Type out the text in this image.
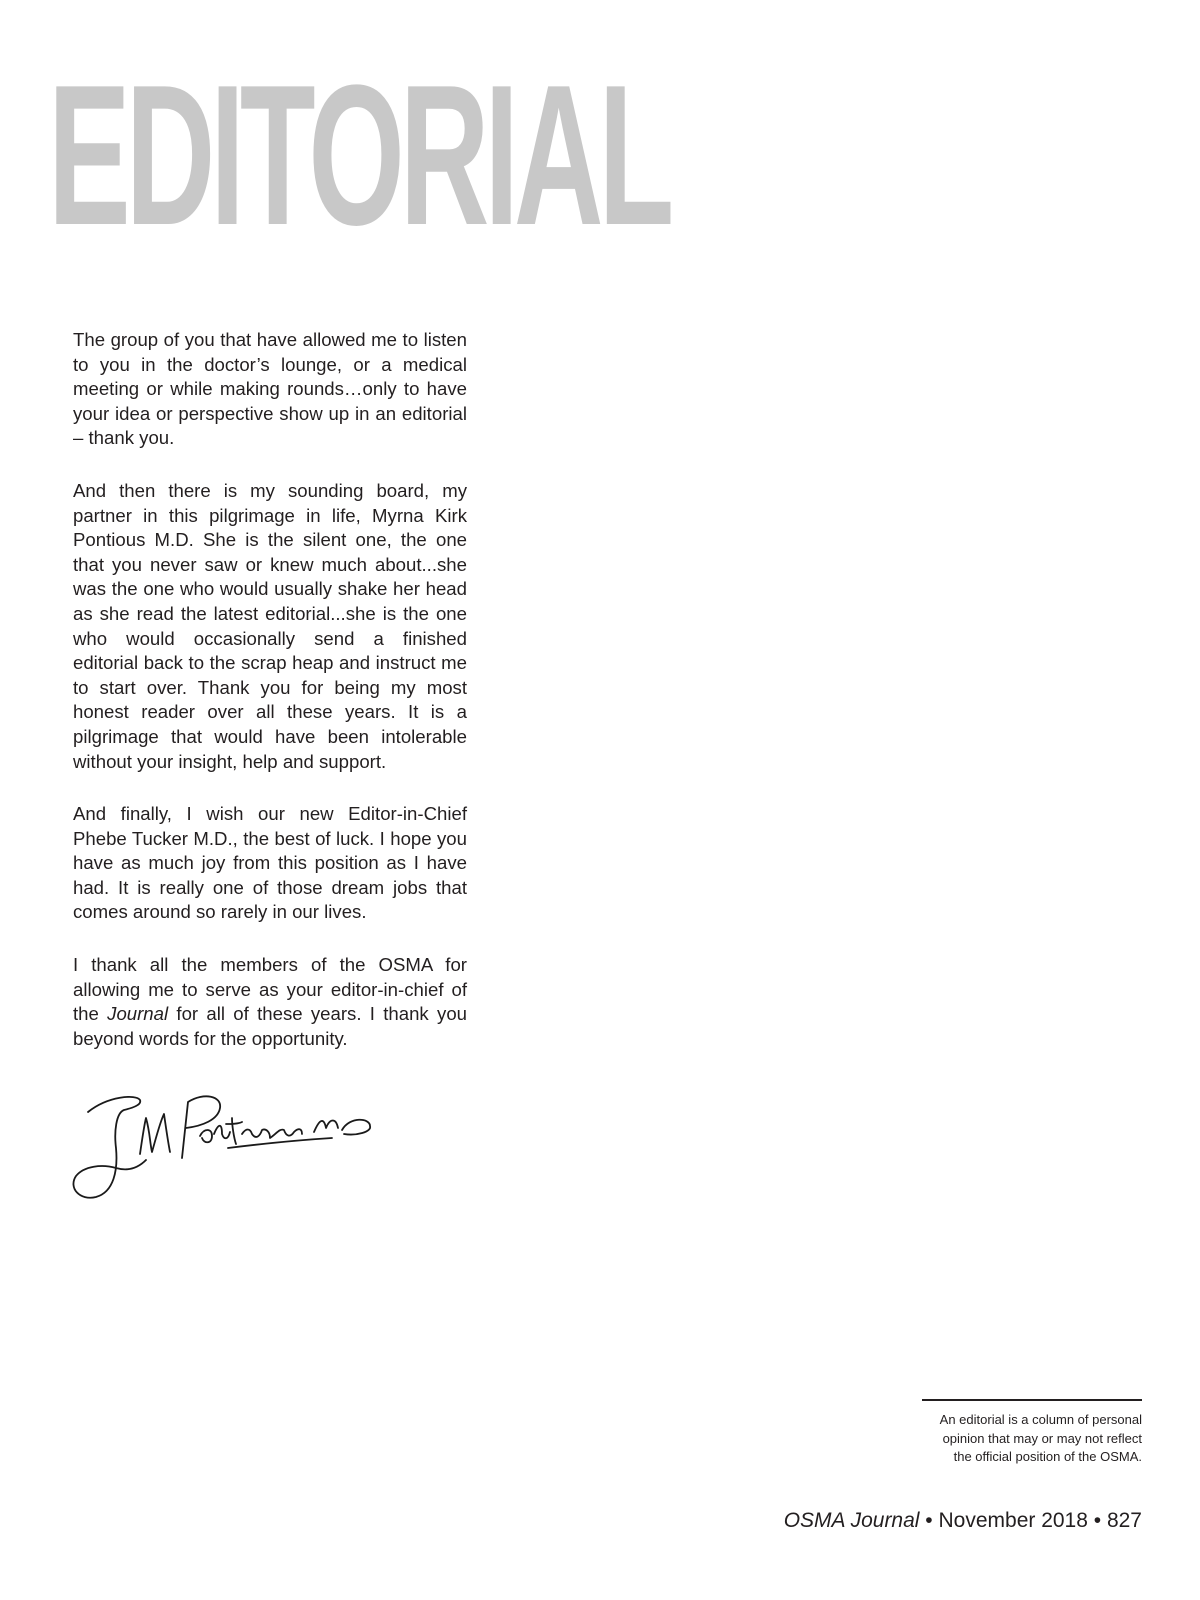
EDITORIAL

The group of you that have allowed me to listen to you in the doctor’s lounge, or a medical meeting or while making rounds…only to have your idea or perspective show up in an editorial – thank you.

And then there is my sounding board, my partner in this pilgrimage in life, Myrna Kirk Pontious M.D. She is the silent one, the one that you never saw or knew much about...she was the one who would usually shake her head as she read the latest editorial...she is the one who would occasionally send a finished editorial back to the scrap heap and instruct me to start over. Thank you for being my most honest reader over all these years. It is a pilgrimage that would have been intolerable without your insight, help and support.

And finally, I wish our new Editor-in-Chief Phebe Tucker M.D., the best of luck. I hope you have as much joy from this position as I have had. It is really one of those dream jobs that comes around so rarely in our lives.

I thank all the members of the OSMA for allowing me to serve as your editor-in-chief of the Journal for all of these years. I thank you beyond words for the opportunity.

An editorial is a column of personal
opinion that may or may not reflect
the official position of the OSMA.
OSMA Journal • November 2018 • 827
